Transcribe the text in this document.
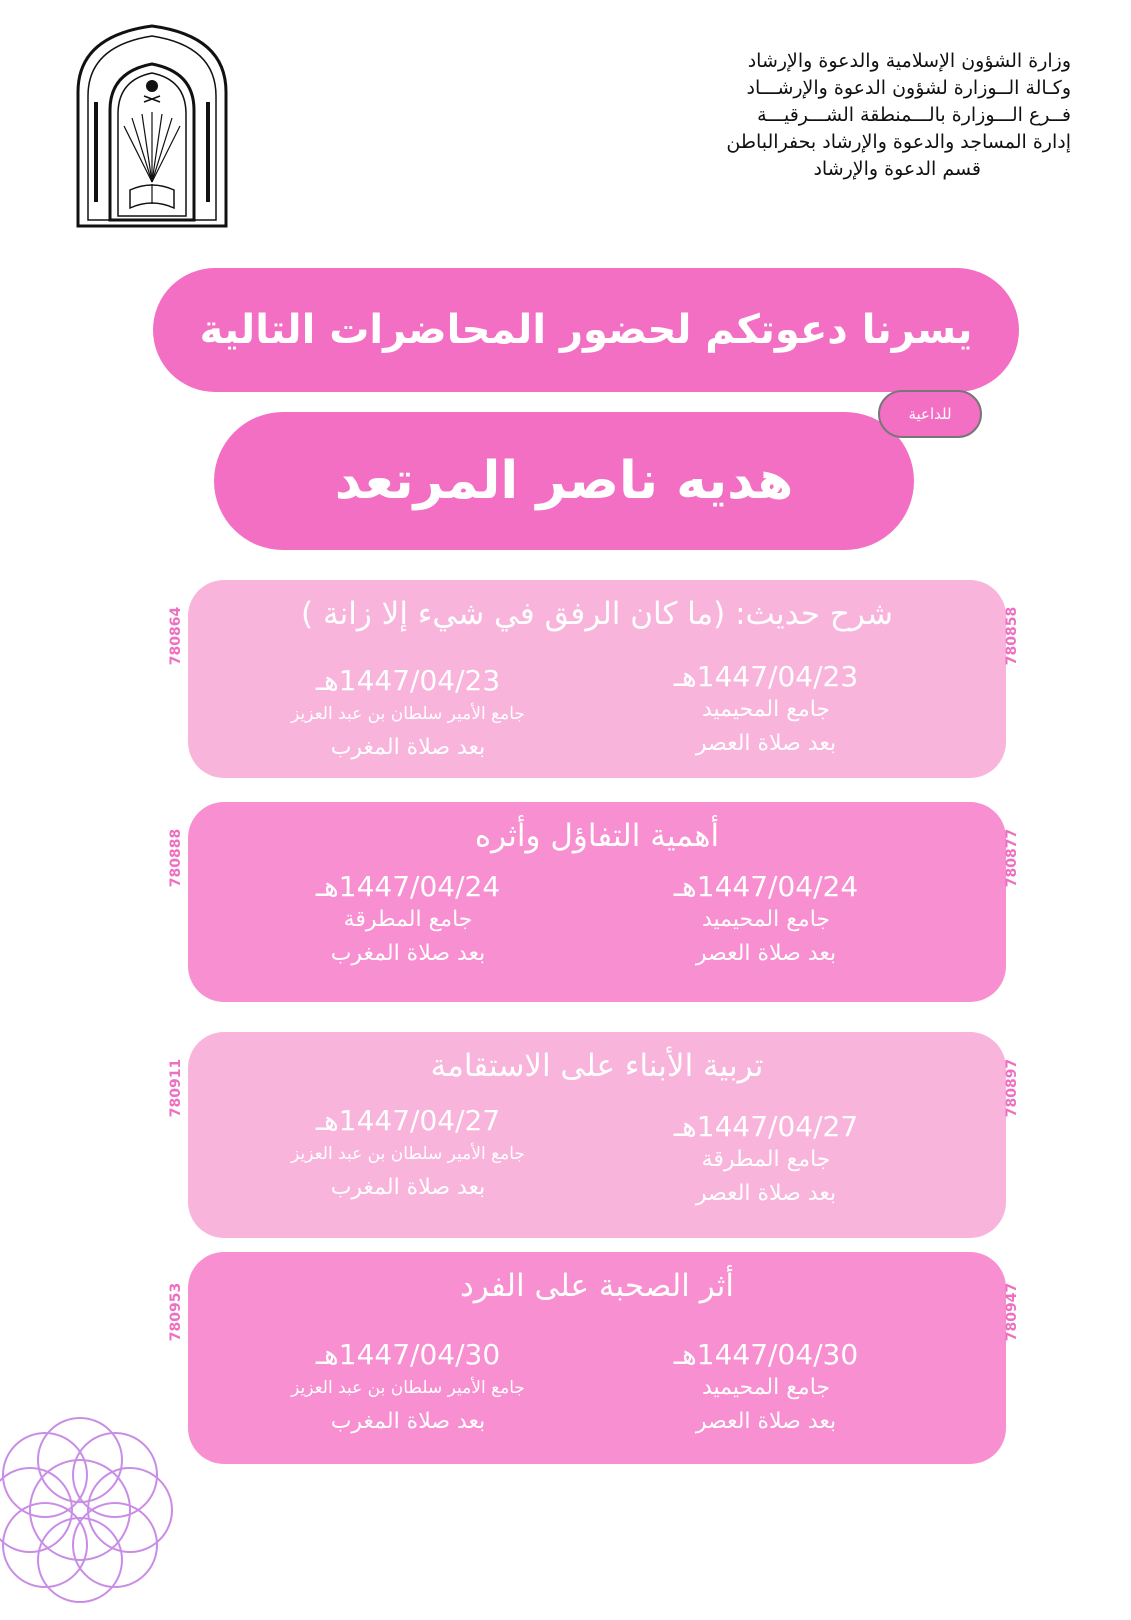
وزارة الشؤون الإسلامية والدعوة والإرشاد
وكـالة الــوزارة لشؤون الدعوة والإرشـــاد
فــرع الـــوزارة بالـــمنطقة الشـــرقيـــة
إدارة المساجد والدعوة والإرشاد بحفرالباطن
قسم الدعوة والإرشاد
يسرنا دعوتكم لحضور المحاضرات التالية
هديه ناصر المرتعد
للداعية
شرح حديث: (ما كان الرفق في شيء إلا زانة )
1447/04/23هـ
جامع المحيميد
بعد صلاة العصر
1447/04/23هـ
جامع الأمير سلطان بن عبد العزيز
بعد صلاة المغرب
780858
780864
أهمية التفاؤل وأثره
1447/04/24هـ
جامع المحيميد
بعد صلاة العصر
1447/04/24هـ
جامع المطرقة
بعد صلاة المغرب
780877
780888
تربية الأبناء على الاستقامة
1447/04/27هـ
جامع المطرقة
بعد صلاة العصر
1447/04/27هـ
جامع الأمير سلطان بن عبد العزيز
بعد صلاة المغرب
780897
780911
أثر الصحبة على الفرد
1447/04/30هـ
جامع المحيميد
بعد صلاة العصر
1447/04/30هـ
جامع الأمير سلطان بن عبد العزيز
بعد صلاة المغرب
780947
780953
